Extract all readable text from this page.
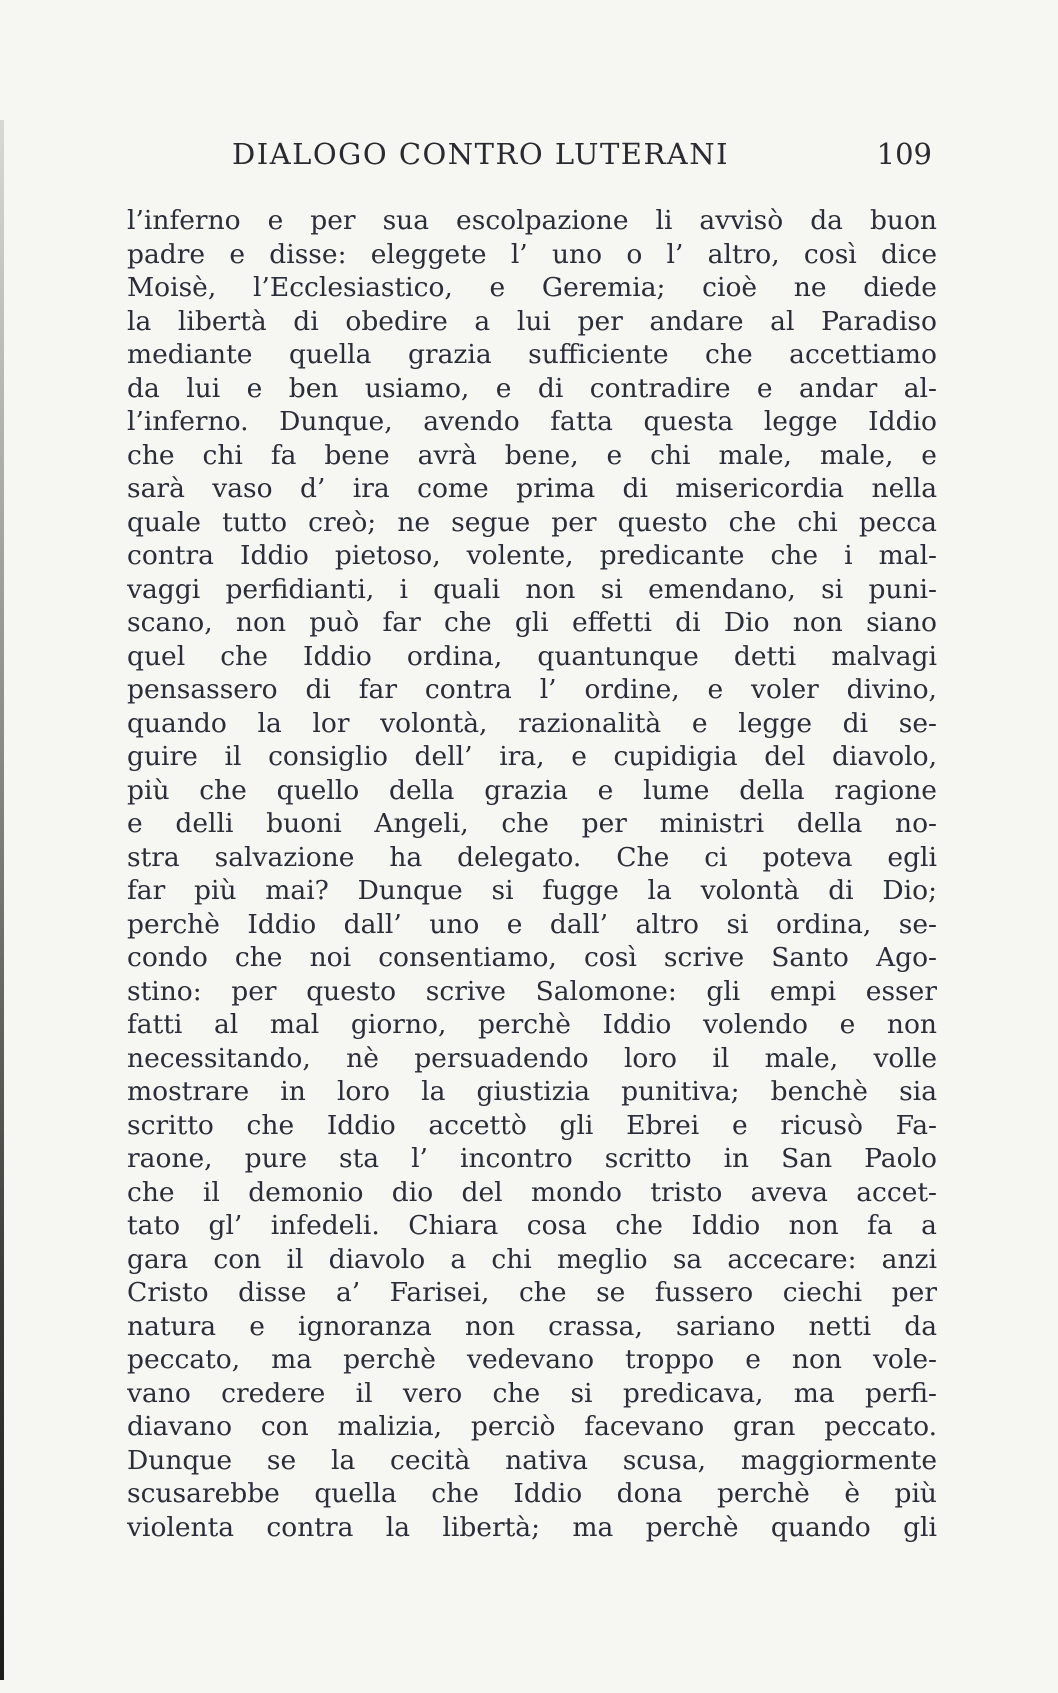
DIALOGO CONTRO LUTERANI	109
l’inferno e per sua escolpazione li avvisò da buon
padre e disse: eleggete l’ uno o l’ altro, così dice
Moisè, l’Ecclesiastico, e Geremia; cioè ne diede
la libertà di obedire a lui per andare al Paradiso
mediante quella grazia sufficiente che accettiamo
da lui e ben usiamo, e di contradire e andar al-
l’inferno. Dunque, avendo fatta questa legge Iddio
che chi fa bene avrà bene, e chi male, male, e
sarà vaso d’ ira come prima di misericordia nella
quale tutto creò; ne segue per questo che chi pecca
contra Iddio pietoso, volente, predicante che i mal-
vaggi perfidianti, i quali non si emendano, si puni-
scano, non può far che gli effetti di Dio non siano
quel che Iddio ordina, quantunque detti malvagi
pensassero di far contra l’ ordine, e voler divino,
quando la lor volontà, razionalità e legge di se-
guire il consiglio dell’ ira, e cupidigia del diavolo,
più che quello della grazia e lume della ragione
e delli buoni Angeli, che per ministri della no-
stra salvazione ha delegato. Che ci poteva egli
far più mai? Dunque si fugge la volontà di Dio;
perchè Iddio dall’ uno e dall’ altro si ordina, se-
condo che noi consentiamo, così scrive Santo Ago-
stino: per questo scrive Salomone: gli empi esser
fatti al mal giorno, perchè Iddio volendo e non
necessitando, nè persuadendo loro il male, volle
mostrare in loro la giustizia punitiva; benchè sia
scritto che Iddio accettò gli Ebrei e ricusò Fa-
raone, pure sta l’ incontro scritto in San Paolo
che il demonio dio del mondo tristo aveva accet-
tato gl’ infedeli. Chiara cosa che Iddio non fa a
gara con il diavolo a chi meglio sa accecare: anzi
Cristo disse a’ Farisei, che se fussero ciechi per
natura e ignoranza non crassa, sariano netti da
peccato, ma perchè vedevano troppo e non vole-
vano credere il vero che si predicava, ma perfi-
diavano con malizia, perciò facevano gran peccato.
Dunque se la cecità nativa scusa, maggiormente
scusarebbe quella che Iddio dona perchè è più
violenta contra la libertà; ma perchè quando gli
